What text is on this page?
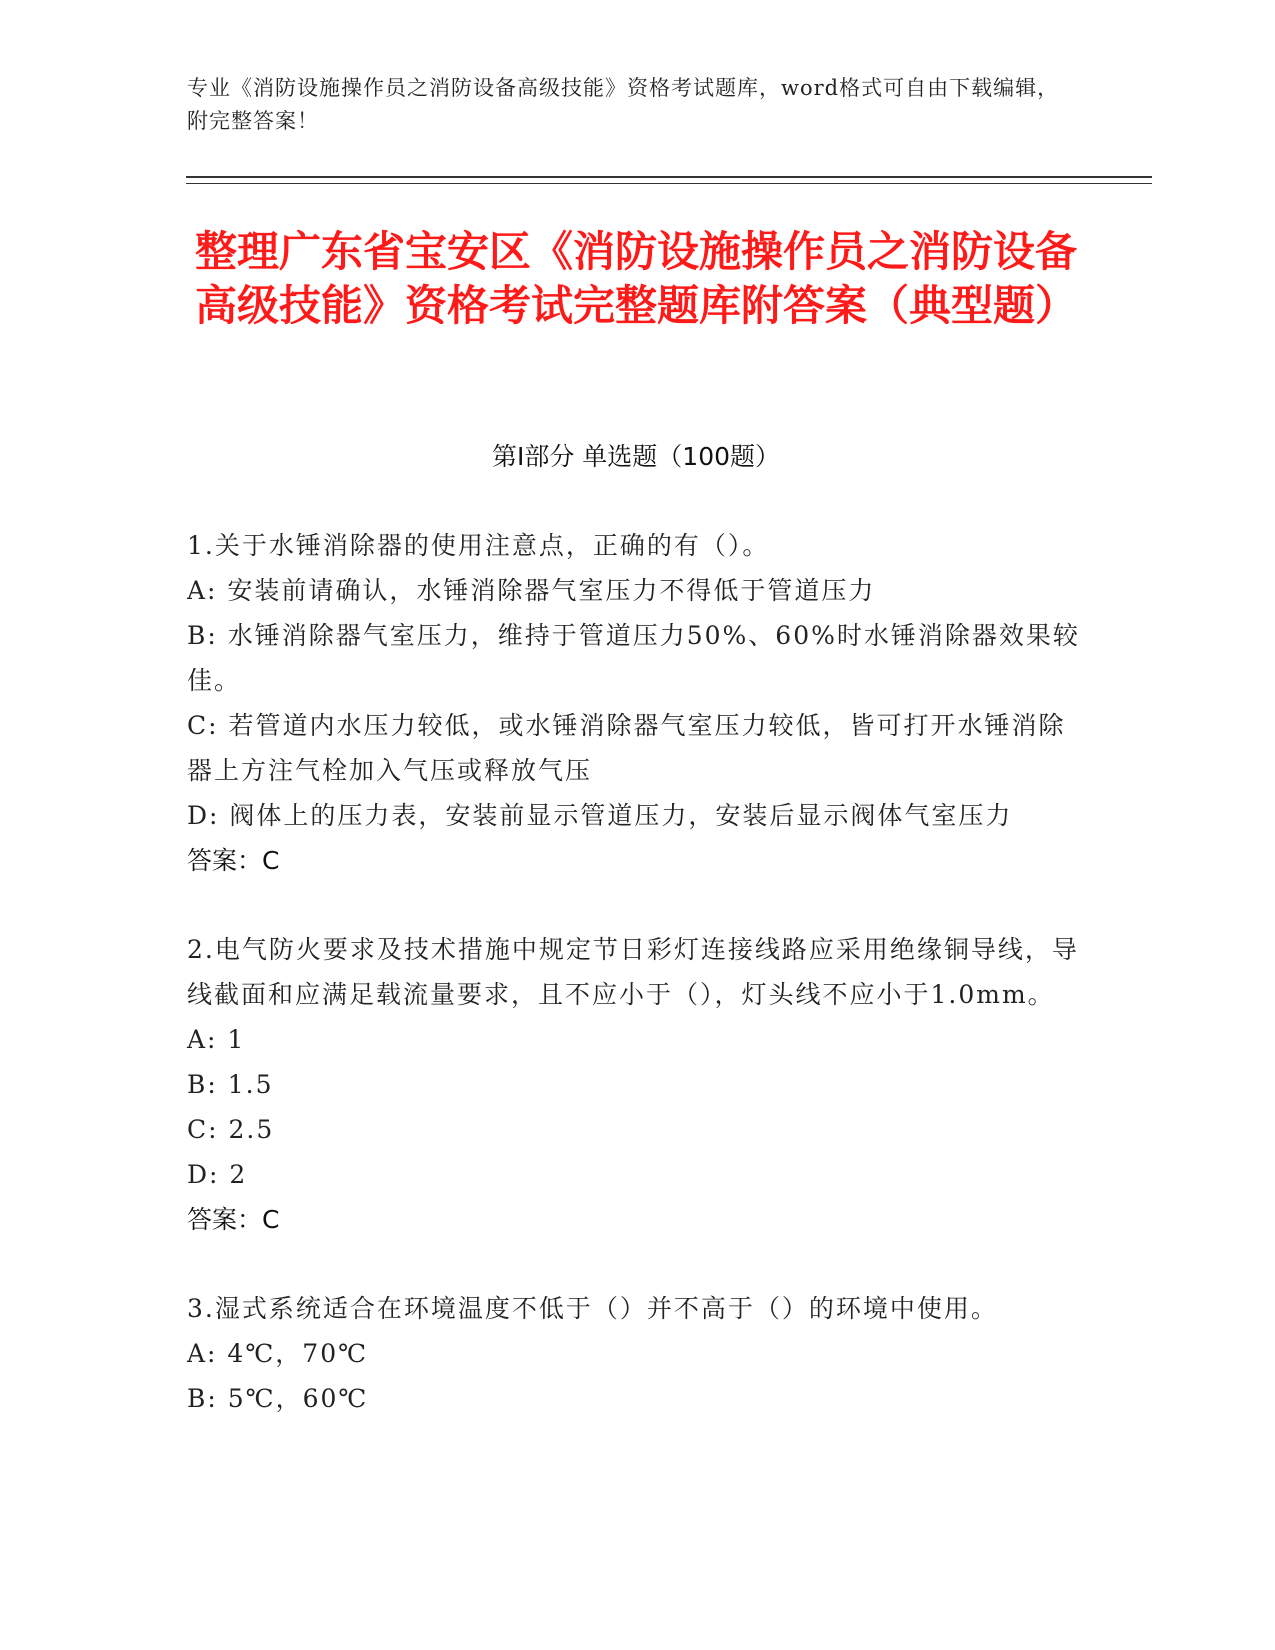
专业《消防设施操作员之消防设备高级技能》资格考试题库，word格式可自由下载编辑，附完整答案！
整理广东省宝安区《消防设施操作员之消防设备高级技能》资格考试完整题库附答案（典型题）
第I部分 单选题（100题）

1.关于水锤消除器的使用注意点，正确的有（）。

A: 安装前请确认，水锤消除器气室压力不得低于管道压力

B: 水锤消除器气室压力，维持于管道压力50%、60%时水锤消除器效果较佳。

C: 若管道内水压力较低，或水锤消除器气室压力较低，皆可打开水锤消除器上方注气栓加入气压或释放气压

D: 阀体上的压力表，安装前显示管道压力，安装后显示阀体气室压力

答案：C

2.电气防火要求及技术措施中规定节日彩灯连接线路应采用绝缘铜导线，导线截面和应满足载流量要求，且不应小于（），灯头线不应小于1.0mm。

A: 1

B: 1.5

C: 2.5

D: 2

答案：C

3.湿式系统适合在环境温度不低于（）并不高于（）的环境中使用。

A: 4℃，70℃

B: 5℃，60℃
